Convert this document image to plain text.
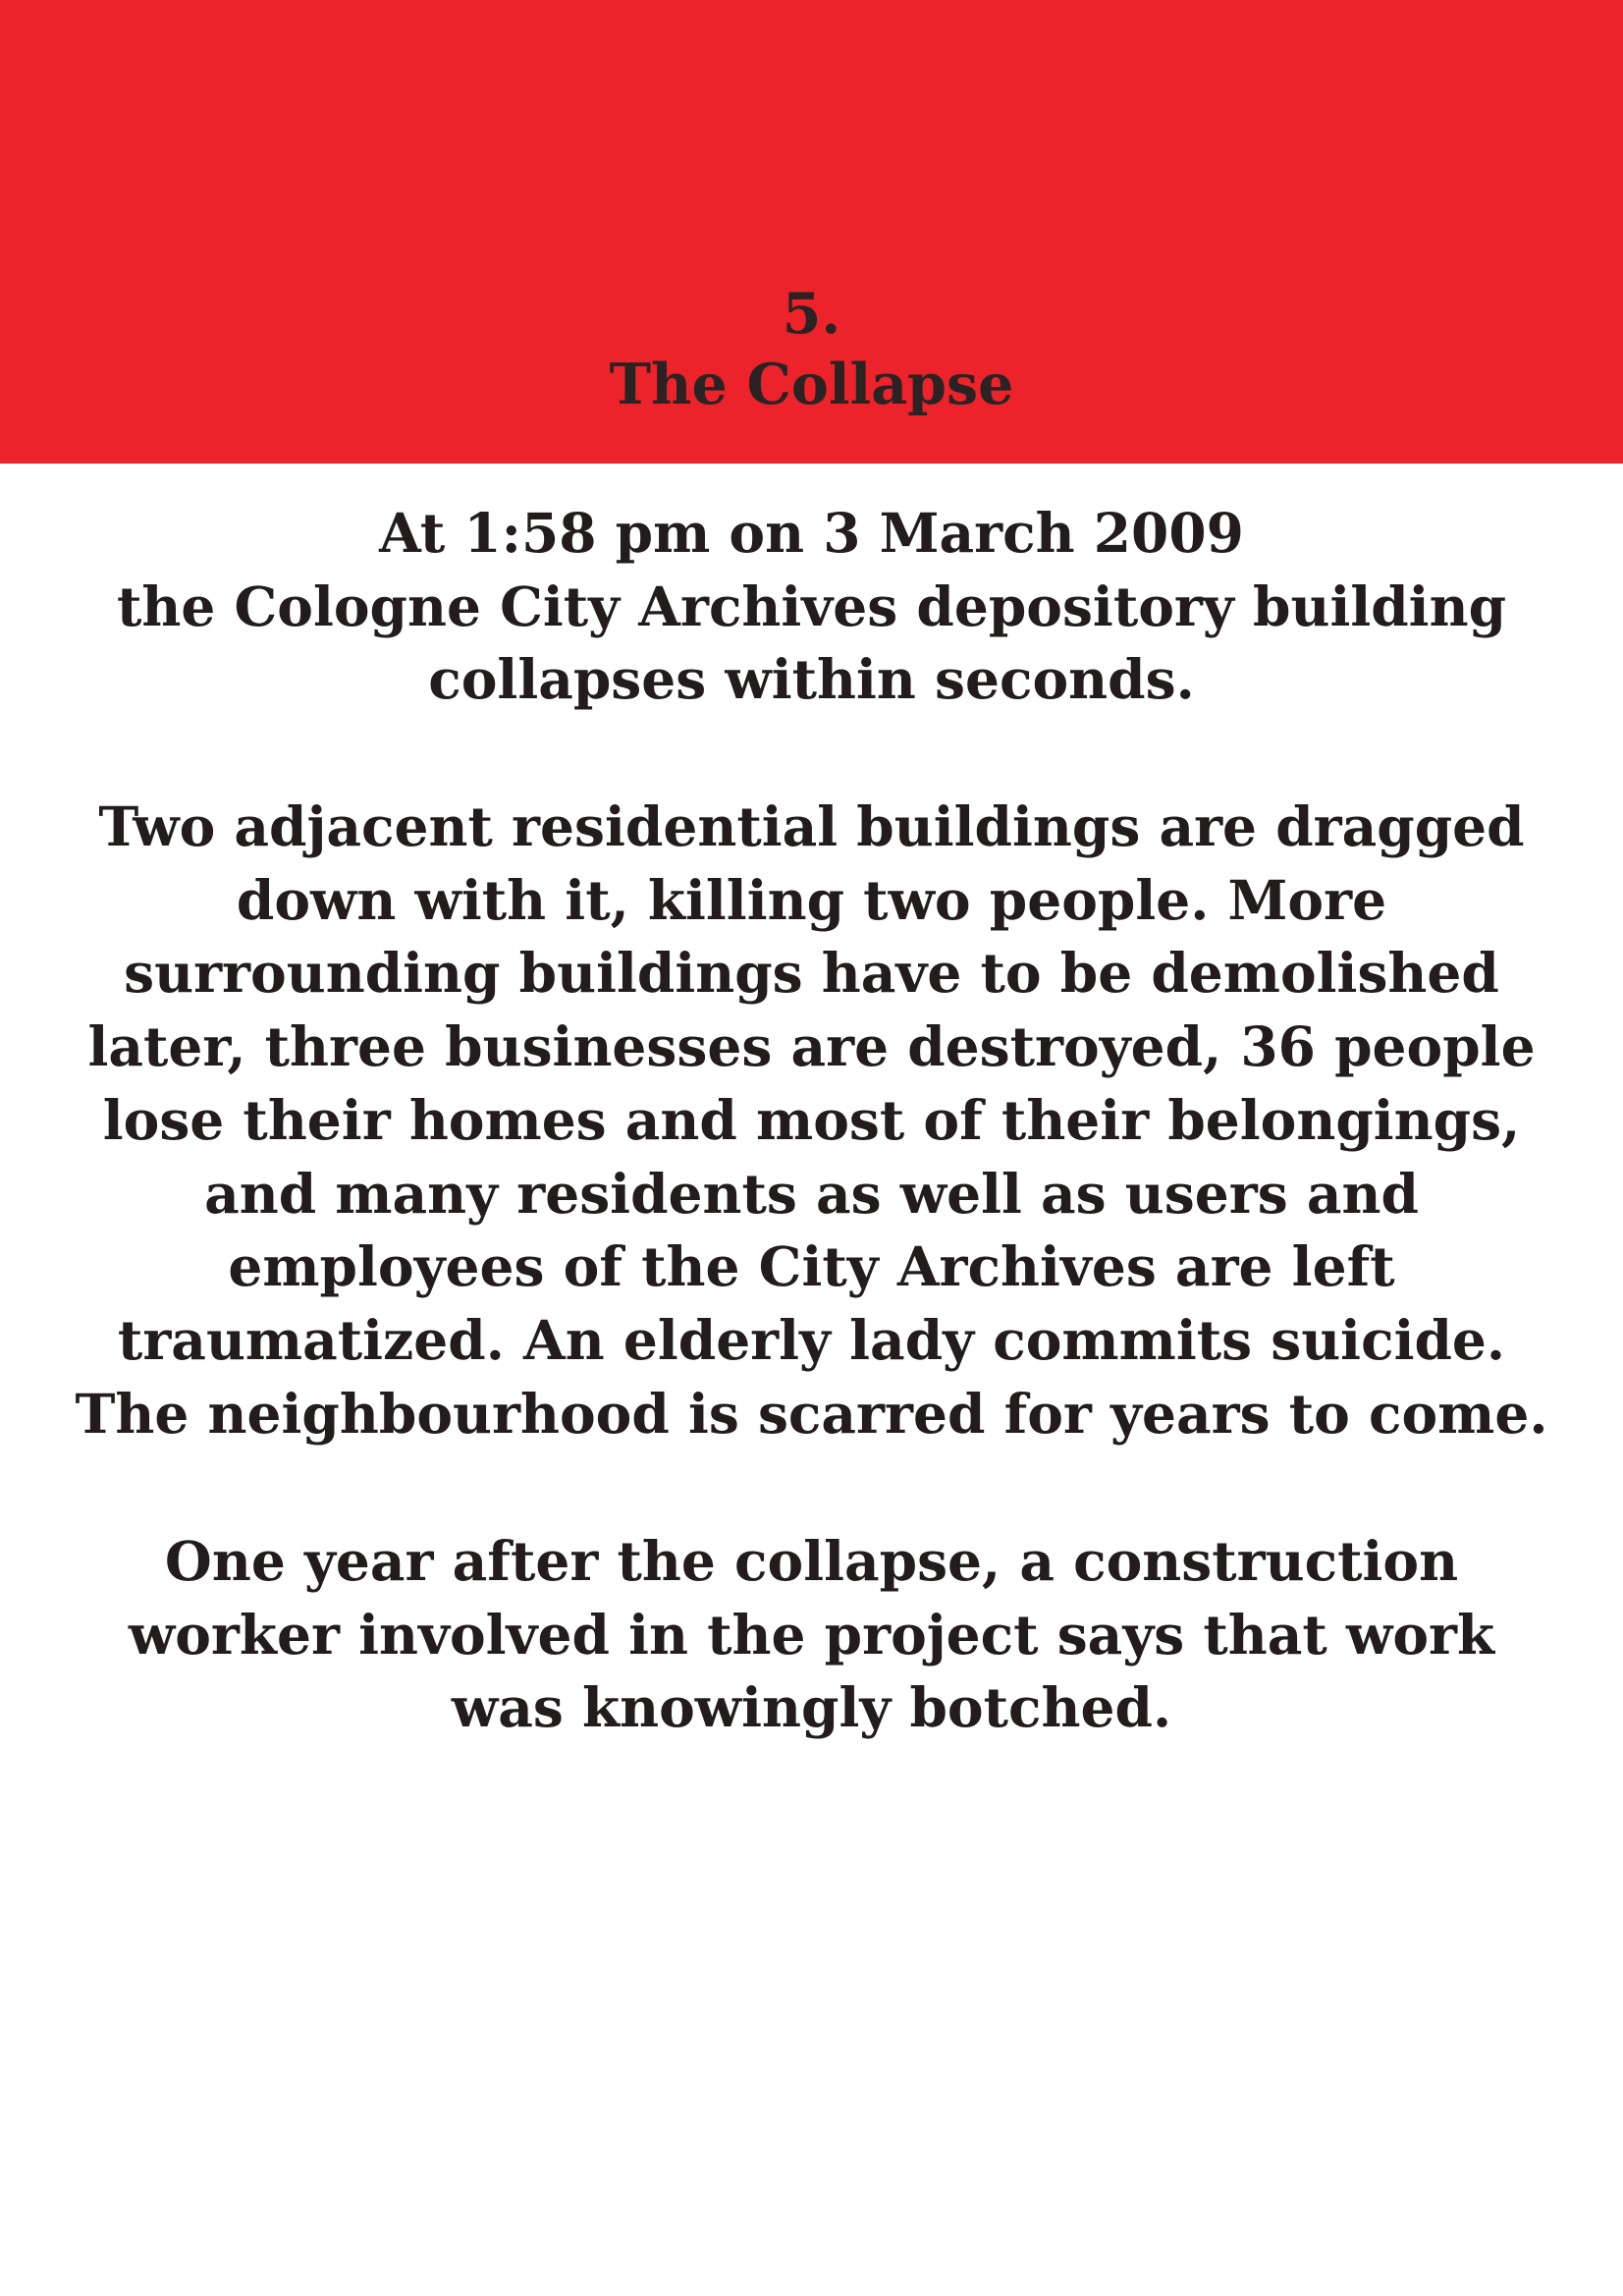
5.
The Collapse

At 1:58 pm on 3 March 2009
the Cologne City Archives depository building
collapses within seconds.

Two adjacent residential buildings are dragged
down with it, killing two people. More
surrounding buildings have to be demolished
later, three businesses are destroyed, 36 people
lose their homes and most of their belongings,
and many residents as well as users and
employees of the City Archives are left
traumatized. An elderly lady commits suicide.
The neighbourhood is scarred for years to come.

One year after the collapse, a construction
worker involved in the project says that work
was knowingly botched.
